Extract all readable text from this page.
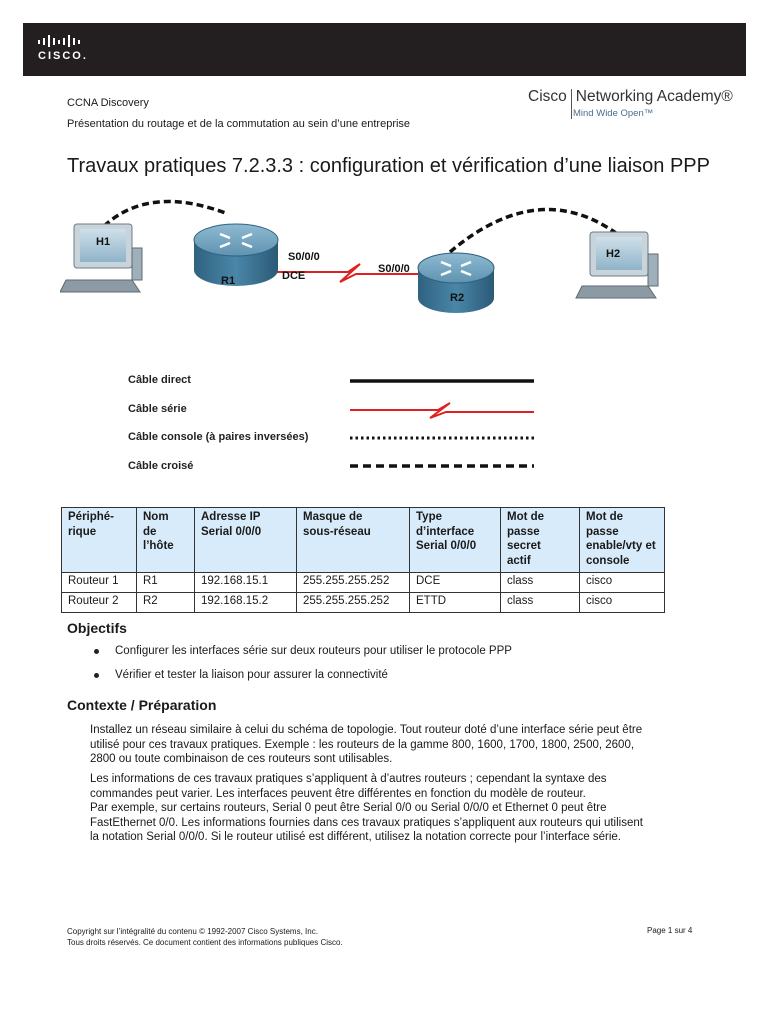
CISCO.
CCNA Discovery
Présentation du routage et de la commutation au sein d’une entreprise
Cisco Networking Academy®
Mind Wide Open™
Travaux pratiques 7.2.3.3 : configuration et vérification d’une liaison PPP
H1
R1
R2
H2
S0/0/0
DCE
S0/0/0
Câble direct
Câble série
Câble console (à paires inversées)
Câble croisé
Périphé-
rique	Nom
de
l’hôte	Adresse IP
Serial 0/0/0	Masque de
sous-réseau	Type
d’interface
Serial 0/0/0	Mot de
passe
secret
actif	Mot de
passe
enable/vty et
console
Routeur 1	R1	192.168.15.1	255.255.255.252	DCE	class	cisco
Routeur 2	R2	192.168.15.2	255.255.255.252	ETTD	class	cisco
Objectifs
Configurer les interfaces série sur deux routeurs pour utiliser le protocole PPP
Vérifier et tester la liaison pour assurer la connectivité
Contexte / Préparation
Installez un réseau similaire à celui du schéma de topologie. Tout routeur doté d’une interface série peut être
utilisé pour ces travaux pratiques. Exemple : les routeurs de la gamme 800, 1600, 1700, 1800, 2500, 2600,
2800 ou toute combinaison de ces routeurs sont utilisables.
Les informations de ces travaux pratiques s’appliquent à d’autres routeurs ; cependant la syntaxe des
commandes peut varier. Les interfaces peuvent être différentes en fonction du modèle de routeur.
Par exemple, sur certains routeurs, Serial 0 peut être Serial 0/0 ou Serial 0/0/0 et Ethernet 0 peut être
FastEthernet 0/0. Les informations fournies dans ces travaux pratiques s’appliquent aux routeurs qui utilisent
la notation Serial 0/0/0. Si le routeur utilisé est différent, utilisez la notation correcte pour l’interface série.
Copyright sur l’intégralité du contenu © 1992-2007 Cisco Systems, Inc.
Tous droits réservés. Ce document contient des informations publiques Cisco.
Page 1 sur 4
